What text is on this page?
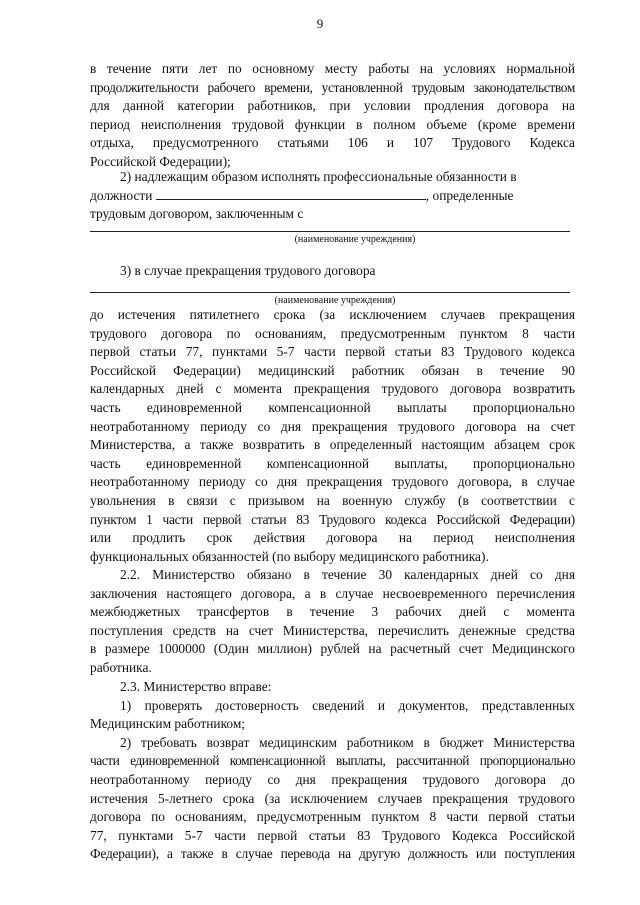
9
в течение пяти лет по основному месту работы на условиях нормальной
продолжительности рабочего времени, установленной трудовым законодательством
для данной категории работников, при условии продления договора на
период неисполнения трудовой функции в полном объеме (кроме времени
отдыха, предусмотренного статьями 106 и 107 Трудового Кодекса
Российской Федерации);
2) надлежащим образом исполнять профессиональные обязанности в
должности	, определенные
трудовым договором, заключенным с
(наименование учреждения)
3) в случае прекращения трудового договора
(наименование учреждения)
до истечения пятилетнего срока (за исключением случаев прекращения
трудового договора по основаниям, предусмотренным пунктом 8 части
первой статьи 77, пунктами 5-7 части первой статьи 83 Трудового кодекса
Российской Федерации) медицинский работник обязан в течение 90
календарных дней с момента прекращения трудового договора возвратить
часть единовременной компенсационной выплаты пропорционально
неотработанному периоду со дня прекращения трудового договора на счет
Министерства, а также возвратить в определенный настоящим абзацем срок
часть единовременной компенсационной выплаты, пропорционально
неотработанному периоду со дня прекращения трудового договора, в случае
увольнения в связи с призывом на военную службу (в соответствии с
пунктом 1 части первой статьи 83 Трудового кодекса Российской Федерации)
или продлить срок действия договора на период неисполнения
функциональных обязанностей (по выбору медицинского работника).
2.2. Министерство обязано в течение 30 календарных дней со дня
заключения настоящего договора, а в случае несвоевременного перечисления
межбюджетных трансфертов в течение 3 рабочих дней с момента
поступления средств на счет Министерства, перечислить денежные средства
в размере 1000000 (Один миллион) рублей на расчетный счет Медицинского
работника.
2.3. Министерство вправе:
1) проверять достоверность сведений и документов, представленных
Медицинским работником;
2) требовать возврат медицинским работником в бюджет Министерства
части единовременной компенсационной выплаты, рассчитанной пропорционально
неотработанному периоду со дня прекращения трудового договора до
истечения 5-летнего срока (за исключением случаев прекращения трудового
договора по основаниям, предусмотренным пунктом 8 части первой статьи
77, пунктами 5-7 части первой статьи 83 Трудового Кодекса Российской
Федерации), а также в случае перевода на другую должность или поступления
